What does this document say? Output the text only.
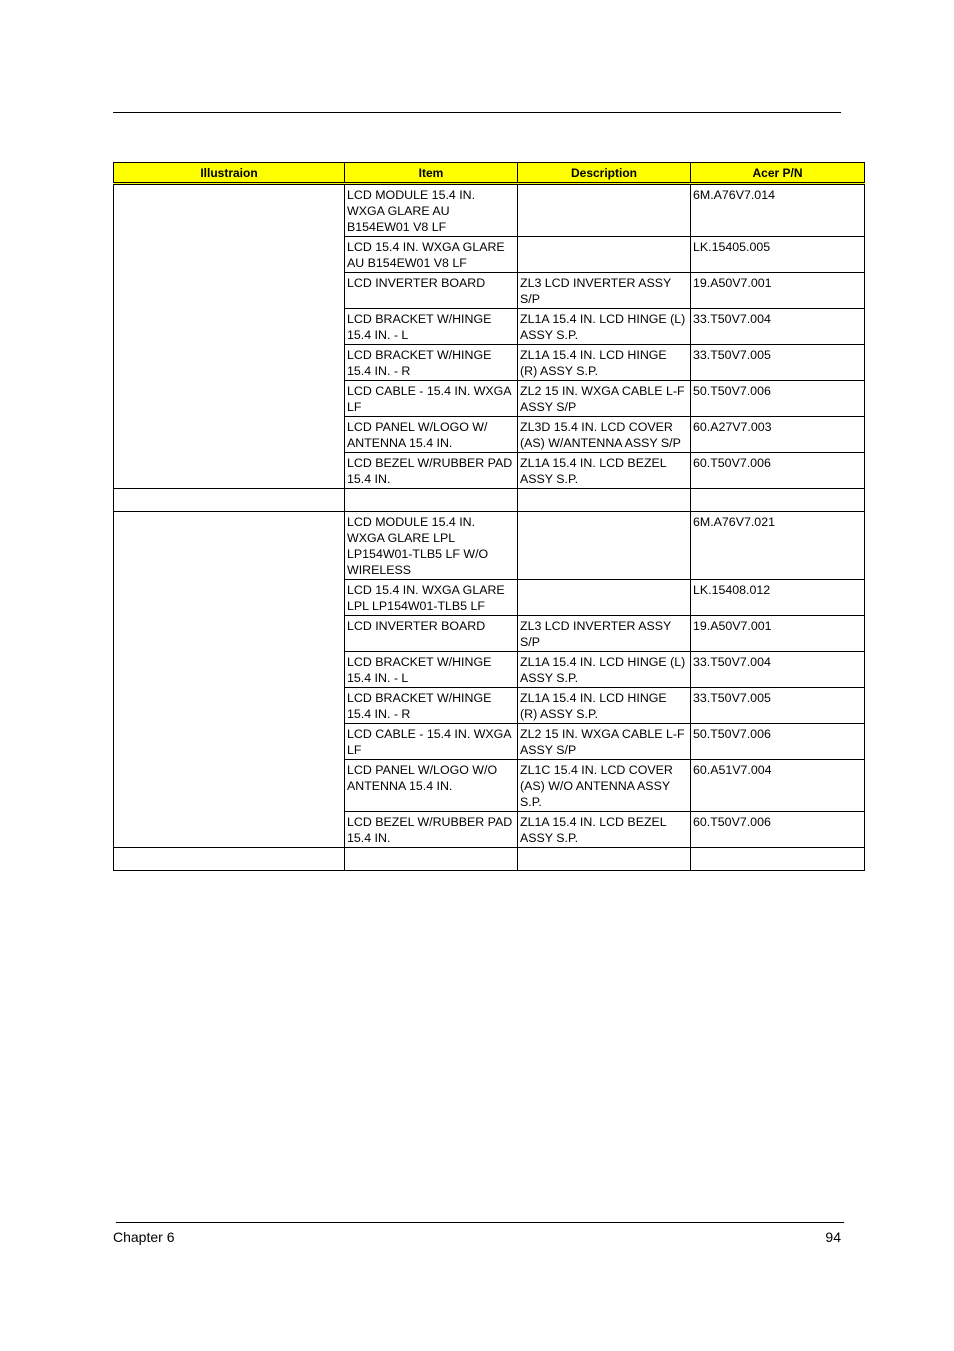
Illustraion	Item	Description	Acer P/N
	LCD MODULE 15.4 IN. WXGA GLARE AU B154EW01 V8 LF		6M.A76V7.014
	LCD 15.4 IN. WXGA GLARE AU B154EW01 V8 LF		LK.15405.005
	LCD INVERTER BOARD	ZL3 LCD INVERTER ASSY S/P	19.A50V7.001
	LCD BRACKET W/HINGE 15.4 IN. - L	ZL1A 15.4 IN. LCD HINGE (L) ASSY S.P.	33.T50V7.004
	LCD BRACKET W/HINGE 15.4 IN. - R	ZL1A 15.4 IN. LCD HINGE (R) ASSY S.P.	33.T50V7.005
	LCD CABLE - 15.4 IN. WXGA LF	ZL2 15 IN. WXGA CABLE L-F ASSY S/P	50.T50V7.006
	LCD PANEL W/LOGO W/ ANTENNA 15.4 IN.	ZL3D 15.4 IN. LCD COVER (AS) W/ANTENNA ASSY S/P	60.A27V7.003
	LCD BEZEL W/RUBBER PAD 15.4 IN.	ZL1A 15.4 IN. LCD BEZEL ASSY S.P.	60.T50V7.006

	LCD MODULE 15.4 IN. WXGA GLARE LPL LP154W01-TLB5 LF W/O WIRELESS		6M.A76V7.021
	LCD 15.4 IN. WXGA GLARE LPL LP154W01-TLB5 LF		LK.15408.012
	LCD INVERTER BOARD	ZL3 LCD INVERTER ASSY S/P	19.A50V7.001
	LCD BRACKET W/HINGE 15.4 IN. - L	ZL1A 15.4 IN. LCD HINGE (L) ASSY S.P.	33.T50V7.004
	LCD BRACKET W/HINGE 15.4 IN. - R	ZL1A 15.4 IN. LCD HINGE (R) ASSY S.P.	33.T50V7.005
	LCD CABLE - 15.4 IN. WXGA LF	ZL2 15 IN. WXGA CABLE L-F ASSY S/P	50.T50V7.006
	LCD PANEL W/LOGO W/O ANTENNA 15.4 IN.	ZL1C 15.4 IN. LCD COVER (AS) W/O ANTENNA ASSY S.P.	60.A51V7.004
	LCD BEZEL W/RUBBER PAD 15.4 IN.	ZL1A 15.4 IN. LCD BEZEL ASSY S.P.	60.T50V7.006

Chapter 6	94
